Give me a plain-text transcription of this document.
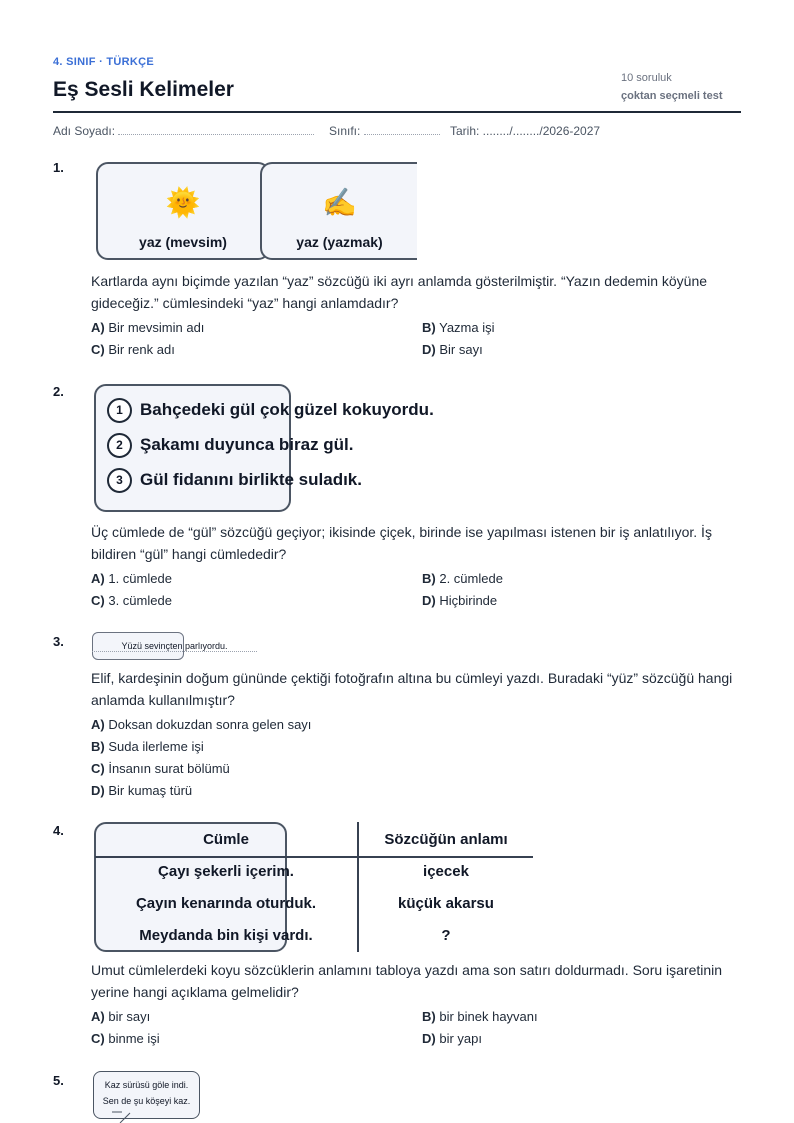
4. SINIF · TÜRKÇE
Eş Sesli Kelimeler	10 soruluk
çoktan seçmeli test
Adı Soyadı:	Sınıfı:	Tarih: ......../......../2026-2027
1.
🌞
yaz (mevsim)
✍️
yaz (yazmak)
Kartlarda aynı biçimde yazılan “yaz” sözcüğü iki ayrı anlamda gösterilmiştir. “Yazın dedemin köyüne gideceğiz.” cümlesindeki “yaz” hangi anlamdadır?
A) Bir mevsimin adı	B) Yazma işi
C) Bir renk adı	D) Bir sayı
2.
1 Bahçedeki gül çok güzel kokuyordu.
2 Şakamı duyunca biraz gül.
3 Gül fidanını birlikte suladık.
Üç cümlede de “gül” sözcüğü geçiyor; ikisinde çiçek, birinde ise yapılması istenen bir iş anlatılıyor. İş bildiren “gül” hangi cümlededir?
A) 1. cümlede	B) 2. cümlede
C) 3. cümlede	D) Hiçbirinde
3.	Yüzü sevinçten parlıyordu.
Elif, kardeşinin doğum gününde çektiği fotoğrafın altına bu cümleyi yazdı. Buradaki “yüz” sözcüğü hangi anlamda kullanılmıştır?
A) Doksan dokuzdan sonra gelen sayı
B) Suda ilerleme işi
C) İnsanın surat bölümü
D) Bir kumaş türü
4.
Cümle	Sözcüğün anlamı
Çayı şekerli içerim.	içecek
Çayın kenarında oturduk.	küçük akarsu
Meydanda bin kişi vardı.	?
Umut cümlelerdeki koyu sözcüklerin anlamını tabloya yazdı ama son satırı doldurmadı. Soru işaretinin yerine hangi açıklama gelmelidir?
A) bir sayı	B) bir binek hayvanı
C) binme işi	D) bir yapı
5.	Kaz sürüsü göle indi.
Sen de şu köşeyi kaz.
